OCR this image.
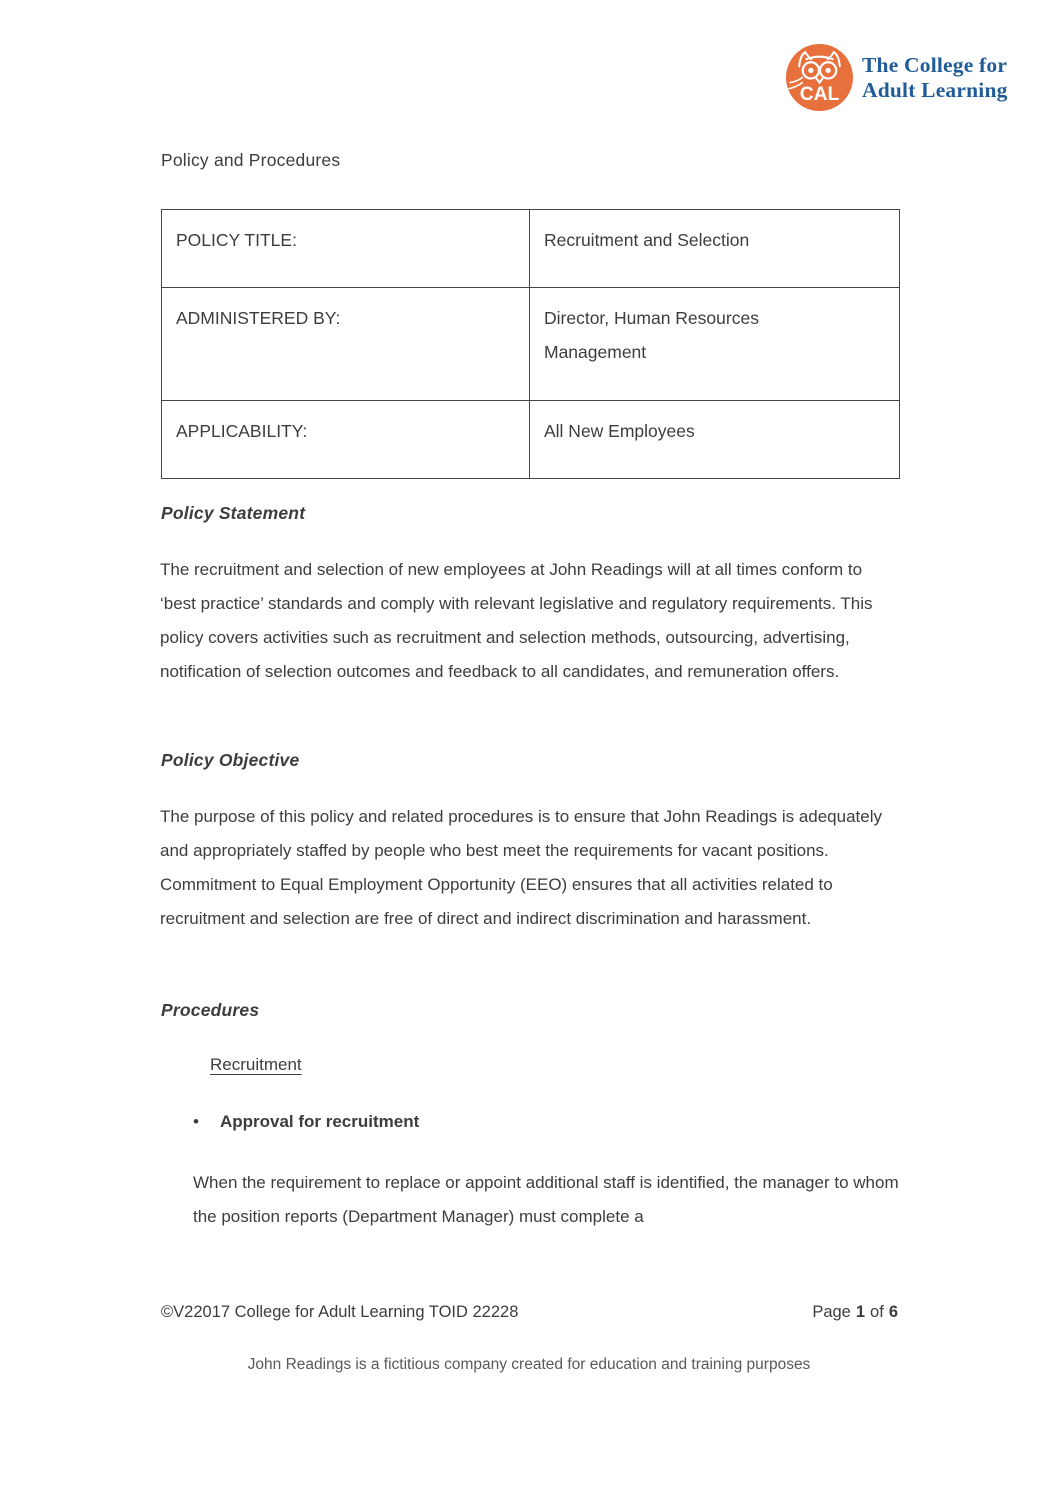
CAL
The College for
Adult Learning
Policy and Procedures
POLICY TITLE:	Recruitment and Selection
ADMINISTERED BY:	Director, Human Resources Management
APPLICABILITY:	All New Employees
Policy Statement

The recruitment and selection of new employees at John Readings will at all times conform to ‘best practice’ standards and comply with relevant legislative and regulatory requirements. This policy covers activities such as recruitment and selection methods, outsourcing, advertising, notification of selection outcomes and feedback to all candidates, and remuneration offers.

Policy Objective

The purpose of this policy and related procedures is to ensure that John Readings is adequately and appropriately staffed by people who best meet the requirements for vacant positions. Commitment to Equal Employment Opportunity (EEO) ensures that all activities related to recruitment and selection are free of direct and indirect discrimination and harassment.

Procedures
Recruitment
• Approval for recruitment

When the requirement to replace or appoint additional staff is identified, the manager to whom the position reports (Department Manager) must complete a

©V22017 College for Adult Learning TOID 22228	Page 1 of 6
John Readings is a fictitious company created for education and training purposes
